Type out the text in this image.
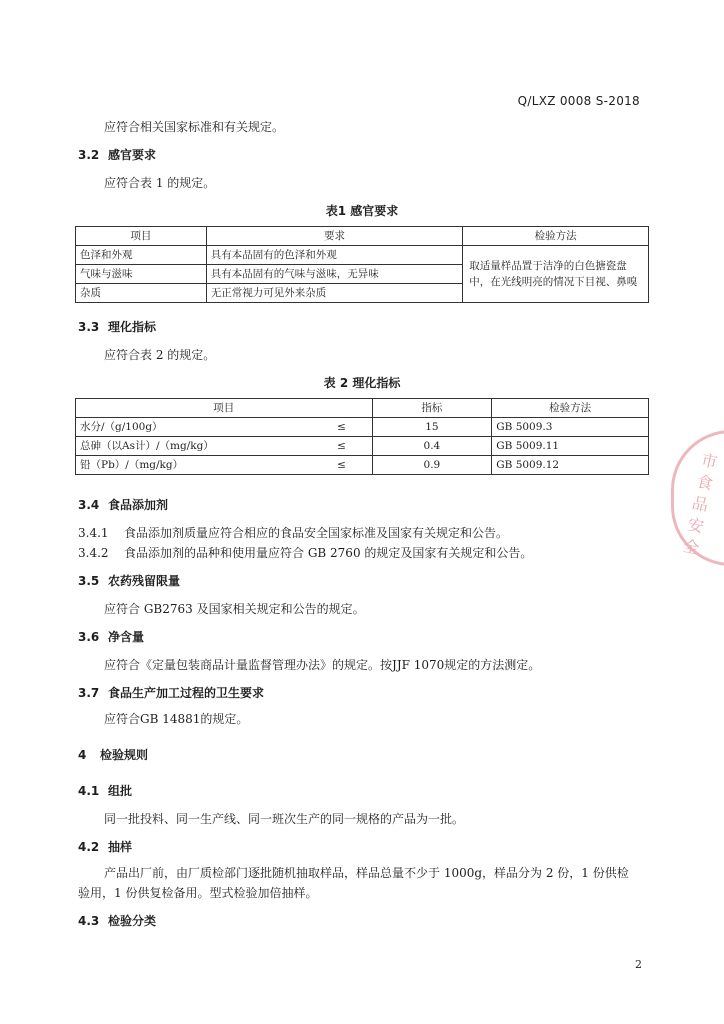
Q/LXZ 0008 S-2018
应符合相关国家标准和有关规定。
3.2 感官要求
应符合表 1 的规定。
表1 感官要求
项目	要求	检验方法
色泽和外观	具有本品固有的色泽和外观	取适量样品置于洁净的白色搪瓷盘中，在光线明亮的情况下目视、鼻嗅
气味与滋味	具有本品固有的气味与滋味，无异味	
杂质	无正常视力可见外来杂质	
3.3 理化指标
应符合表 2 的规定。
表 2 理化指标
项目		指标	检验方法
水分/（g/100g）	≤	15	GB 5009.3
总砷（以As计）/（mg/kg）	≤	0.4	GB 5009.11
铅（Pb）/（mg/kg）	≤	0.9	GB 5009.12
3.4 食品添加剂
3.4.1 食品添加剂质量应符合相应的食品安全国家标准及国家有关规定和公告。
3.4.2 食品添加剂的品种和使用量应符合 GB 2760 的规定及国家有关规定和公告。
3.5 农药残留限量
应符合 GB2763 及国家相关规定和公告的规定。
3.6 净含量
应符合《定量包装商品计量监督管理办法》的规定。按JJF 1070规定的方法测定。
3.7 食品生产加工过程的卫生要求
应符合GB 14881的规定。
4 检验规则
4.1 组批
同一批投料、同一生产线、同一班次生产的同一规格的产品为一批。
4.2 抽样
产品出厂前，由厂质检部门逐批随机抽取样品，样品总量不少于 1000g，样品分为 2 份，1 份供检
验用，1 份供复检备用。型式检验加倍抽样。
4.3 检验分类
2
市食品安全
